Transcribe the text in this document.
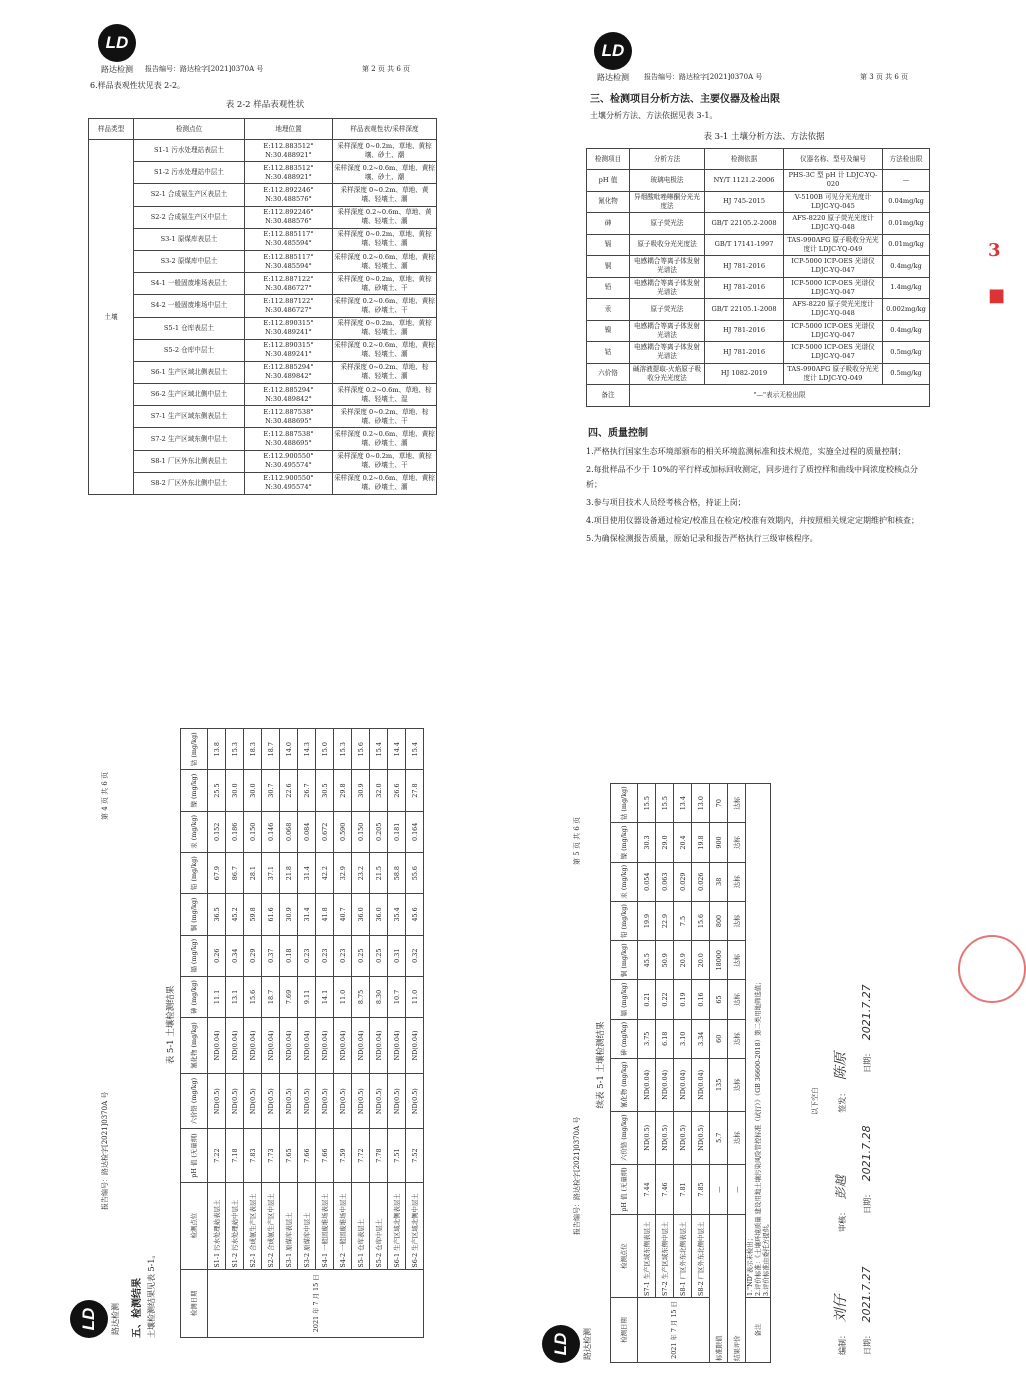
LD
路达检测	报告编号：路达检字[2021]0370A 号	第 2 页 共 6 页
6.样品表观性状见表 2-2。
表 2-2 样品表观性状
样品类型	检测点位	地理位置	样品表观性状/采样深度
土壤	S1-1 污水处理站表层土	E:112.883512° N:30.488921°	采样深度 0~0.2m、草地、黄棕壤、砂土、潮
	S1-2 污水处理站中层土	E:112.883512° N:30.488921°	采样深度 0.2~0.6m、草地、黄棕壤、砂土、潮
	S2-1 合成氨生产区表层土	E:112.892246° N:30.488576°	采样深度 0~0.2m、草地、黄壤、轻壤土、潮
	S2-2 合成氨生产区中层土	E:112.892246° N:30.488576°	采样深度 0.2~0.6m、草地、黄壤、轻壤土、潮
	S3-1 原煤库表层土	E:112.885117° N:30.485594°	采样深度 0~0.2m、草地、黄棕壤、轻壤土、潮
	S3-2 原煤库中层土	E:112.885117° N:30.485594°	采样深度 0.2~0.6m、草地、黄棕壤、轻壤土、潮
	S4-1 一般固废堆场表层土	E:112.887122° N:30.486727°	采样深度 0~0.2m、草地、黄棕壤、砂壤土、干
	S4-2 一般固废堆场中层土	E:112.887122° N:30.486727°	采样深度 0.2~0.6m、草地、黄棕壤、砂壤土、干
	S5-1 仓库表层土	E:112.890315° N:30.489241°	采样深度 0~0.2m、草地、黄棕壤、轻壤土、潮
	S5-2 仓库中层土	E:112.890315° N:30.489241°	采样深度 0.2~0.6m、草地、黄棕壤、轻壤土、潮
	S6-1 生产区域北侧表层土	E:112.885294° N:30.489842°	采样深度 0~0.2m、草地、棕壤、轻壤土、潮
	S6-2 生产区域北侧中层土	E:112.885294° N:30.489842°	采样深度 0.2~0.6m、草地、棕壤、轻壤土、湿
	S7-1 生产区域东侧表层土	E:112.887538° N:30.488695°	采样深度 0~0.2m、草地、棕壤、砂壤土、干
	S7-2 生产区域东侧中层土	E:112.887538° N:30.488695°	采样深度 0.2~0.6m、草地、黄棕壤、砂壤土、潮
	S8-1 厂区外东北侧表层土	E:112.900550° N:30.495574°	采样深度 0~0.2m、草地、黄棕壤、砂壤土、干
	S8-2 厂区外东北侧中层土	E:112.900550° N:30.495574°	采样深度 0.2~0.6m、草地、黄棕壤、砂壤土、潮
LD
路达检测	报告编号：路达检字[2021]0370A 号	第 3 页 共 6 页
三、检测项目分析方法、主要仪器及检出限
土壤分析方法、方法依据见表 3-1。
表 3-1 土壤分析方法、方法依据
检测项目	分析方法	检测依据	仪器名称、型号及编号	方法检出限
pH 值	玻璃电极法	NY/T 1121.2-2006	PHS-3C 型 pH 计 LDJC-YQ-020	—
氰化物	异烟酸吡唑啉酮分光光度法	HJ 745-2015	V-5100B 可见分光光度计 LDJC-YQ-045	0.04mg/kg
砷	原子荧光法	GB/T 22105.2-2008	AFS-8220 原子荧光光度计 LDJC-YQ-048	0.01mg/kg
镉	原子吸收分光光度法	GB/T 17141-1997	TAS-990AFG 原子吸收分光光度计 LDJC-YQ-049	0.01mg/kg
铜	电感耦合等离子体发射光谱法	HJ 781-2016	ICP-5000 ICP-OES 光谱仪 LDJC-YQ-047	0.4mg/kg
铅	电感耦合等离子体发射光谱法	HJ 781-2016	ICP-5000 ICP-OES 光谱仪 LDJC-YQ-047	1.4mg/kg
汞	原子荧光法	GB/T 22105.1-2008	AFS-8220 原子荧光光度计 LDJC-YQ-048	0.002mg/kg
镍	电感耦合等离子体发射光谱法	HJ 781-2016	ICP-5000 ICP-OES 光谱仪 LDJC-YQ-047	0.4mg/kg
钴	电感耦合等离子体发射光谱法	HJ 781-2016	ICP-5000 ICP-OES 光谱仪 LDJC-YQ-047	0.5mg/kg
六价铬	碱溶液提取-火焰原子吸收分光光度法	HJ 1082-2019	TAS-990AFG 原子吸收分光光度计 LDJC-YQ-049	0.5mg/kg
备注	"—"表示无检出限			
四、质量控制
1.严格执行国家生态环境部颁布的相关环境监测标准和技术规范，实施全过程的质量控制；
2.每批样品不少于 10%的平行样或加标回收测定，同步进行了质控样和曲线中间浓度校核点分析；
3.参与项目技术人员经考核合格，持证上岗；
4.项目使用仪器设备通过检定/校准且在检定/校准有效期内，并按照相关规定定期维护和核查；
5.为确保检测报告质量，原始记录和报告严格执行三级审核程序。
3
■
LD	路达检测
报告编号：路达检字[2021]0370A 号
第 4 页 共 6 页
五、检测结果 土壤检测结果见表 5-1。
表 5-1 土壤检测结果
检测日期	检测点位	pH 值 (无量纲)	六价铬 (mg/kg)	氰化物 (mg/kg)	砷 (mg/kg)	镉 (mg/kg)	铜 (mg/kg)	铅 (mg/kg)	汞 (mg/kg)	镍 (mg/kg)	钴 (mg/kg)
2021 年 7 月 15 日	S1-1 污水处理站表层土	7.22	ND(0.5)	ND(0.04)	11.1	0.26	36.5	67.9	0.152	25.5	13.8
	S1-2 污水处理站中层土	7.18	ND(0.5)	ND(0.04)	13.1	0.34	45.2	86.7	0.186	30.0	15.3
	S2-1 合成氨生产区表层土	7.83	ND(0.5)	ND(0.04)	15.6	0.29	59.8	28.1	0.150	30.0	18.3
	S2-2 合成氨生产区中层土	7.73	ND(0.5)	ND(0.04)	18.7	0.37	61.6	37.1	0.146	30.7	18.7
	S3-1 原煤库表层土	7.65	ND(0.5)	ND(0.04)	7.69	0.18	30.9	21.8	0.068	22.6	14.0
	S3-2 原煤库中层土	7.66	ND(0.5)	ND(0.04)	9.11	0.23	31.4	31.4	0.084	26.7	14.3
	S4-1 一般固废堆场表层土	7.66	ND(0.5)	ND(0.04)	14.1	0.23	41.8	42.2	0.672	30.5	15.0
	S4-2 一般固废堆场中层土	7.59	ND(0.5)	ND(0.04)	11.0	0.23	40.7	32.9	0.590	29.8	15.3
	S5-1 仓库表层土	7.72	ND(0.5)	ND(0.04)	8.75	0.25	36.0	23.2	0.150	30.9	15.6
	S5-2 仓库中层土	7.78	ND(0.5)	ND(0.04)	8.30	0.25	36.0	21.5	0.205	32.0	15.4
	S6-1 生产区域北侧表层土	7.51	ND(0.5)	ND(0.04)	10.7	0.31	35.4	58.8	0.181	26.6	14.4
	S6-2 生产区域北侧中层土	7.52	ND(0.5)	ND(0.04)	11.0	0.32	45.6	55.6	0.164	27.8	15.4
LD	路达检测
报告编号：路达检字[2021]0370A 号
第 5 页 共 6 页
续表 5-1 土壤检测结果
检测日期	检测点位	pH 值 (无量纲)	六价铬 (mg/kg)	氰化物 (mg/kg)	砷 (mg/kg)	镉 (mg/kg)	铜 (mg/kg)	铅 (mg/kg)	汞 (mg/kg)	镍 (mg/kg)	钴 (mg/kg)
2021 年 7 月 15 日	S7-1 生产区域东侧表层土	7.44	ND(0.5)	ND(0.04)	3.75	0.21	45.5	19.9	0.054	30.3	15.5
	S7-2 生产区域东侧中层土	7.46	ND(0.5)	ND(0.04)	6.18	0.22	50.9	22.9	0.063	29.0	15.5
	S8-1 厂区外东北侧表层土	7.81	ND(0.5)	ND(0.04)	3.10	0.19	20.9	7.5	0.029	20.4	13.4
	S8-2 厂区外东北侧中层土	7.85	ND(0.5)	ND(0.04)	3.34	0.16	20.0	15.6	0.026	19.8	13.0
标准限值		—	5.7	135	60	65	18000	800	38	900	70
结果评价		—	达标	达标	达标	达标	达标	达标	达标	达标	达标
备注	1."ND"表示未检出； 2.评价标准：《土壤环境质量 建设用地土壤污染风险管控标准（试行）》（GB 36600-2018）第二类用地筛选值； 3.评价标准由委托方提供。										
以下空白
编制： 刘仔 审核： 彭越 签发： 陈原
日期： 2021.7.27 日期： 2021.7.28 日期： 2021.7.27
